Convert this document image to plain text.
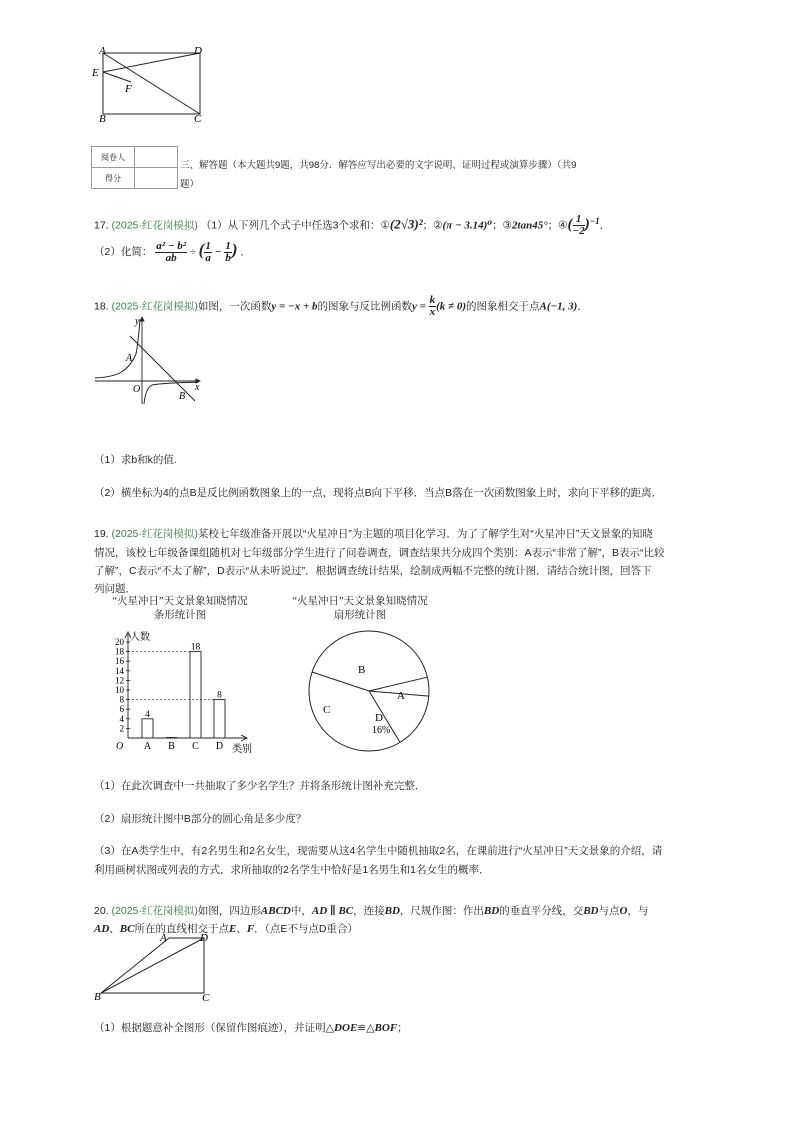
A	D
E
F
B	C
阅卷人	
得分	
三、解答题（本大题共9题，共98分．解答应写出必要的文字说明、证明过程或演算步骤）（共9
题）
17. (2025·红花岗模拟) （1）从下列几个式子中任选3个求和：①(2√3)²；②(π − 3.14)⁰；③2tan45°；④( $\frac{1}{-2} )^{-1}$．
（2）化简： $\frac{\text{a² − b²}}{ab}$ ÷ ( $\frac{1}{a} - \frac{1}{b}$ ) ．
18. (2025·红花岗模拟)如图，一次函数y = −x + b的图象与反比例函数$y = \frac{k}{x} (k \ne 0)$的图象相交于点A(−1, 3)．
y
x
O
A
B
（1）求b和k的值.
（2）横坐标为4的点B是反比例函数图象上的一点，现将点B向下平移．当点B落在一次函数图象上时，求向下平移的距离．
19. (2025·红花岗模拟)某校七年级准备开展以“火星冲日”为主题的项目化学习．为了了解学生对“火星冲日”天文景象的知晓
情况，该校七年级备课组随机对七年级部分学生进行了问卷调查，调查结果共分成四个类别：A表示“非常了解”，B表示“比较
了解”，C表示“不太了解”，D表示“从未听说过”．根据调查统计结果，绘制成两幅不完整的统计图．请结合统计图，回答下
列问题．
“火星冲日”天文景象知晓情况
条形统计图
人数
类别
O
2
4
6
8
10
12
14
16
18
20
A
4
B C
18
D
8
“火星冲日”天文景象知晓情况
扇形统计图
B
A
C
D
16%
（1）在此次调查中一共抽取了多少名学生？并将条形统计图补充完整．
（2）扇形统计图中B部分的圆心角是多少度？
（3）在A类学生中，有2名男生和2名女生，现需要从这4名学生中随机抽取2名，在课前进行“火星冲日”天文景象的介绍，请
利用画树状图或列表的方式，求所抽取的2名学生中恰好是1名男生和1名女生的概率．
20. (2025·红花岗模拟)如图，四边形ABCD中，AD ∥ BC，连接BD，尺规作图：作出BD的垂直平分线，交BD与点O，与
AD、BC所在的直线相交于点E、F．（点E不与点D重合）
A	D
B	C
（1）根据题意补全图形（保留作图痕迹），并证明△DOE≌△BOF；
